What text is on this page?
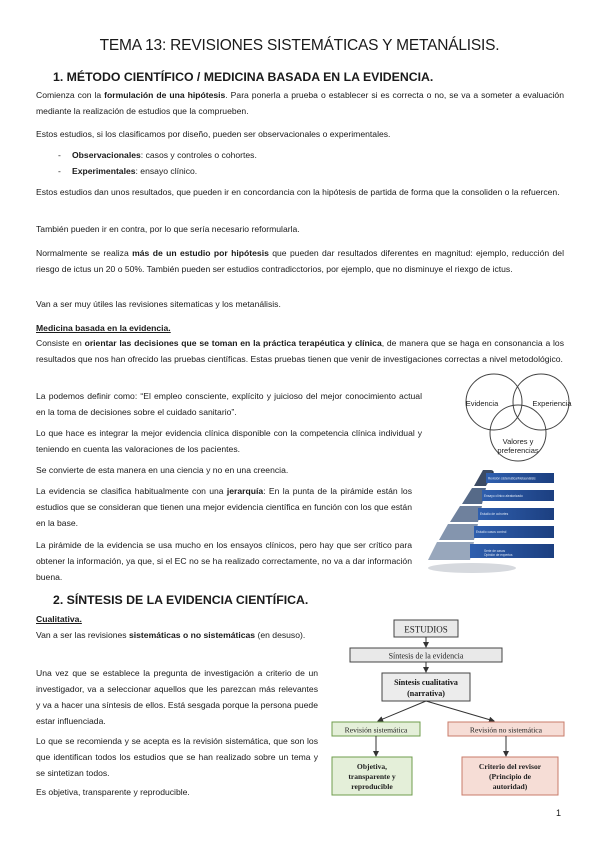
TEMA 13: REVISIONES SISTEMÁTICAS Y METANÁLISIS.
1. MÉTODO CIENTÍFICO / MEDICINA BASADA EN LA EVIDENCIA.
Comienza con la formulación de una hipótesis. Para ponerla a prueba o establecer si es correcta o no, se va a someter a evaluación mediante la realización de estudios que la comprueben.
Estos estudios, si los clasificamos por diseño, pueden ser observacionales o experimentales.
- Observacionales: casos y controles o cohortes.
- Experimentales: ensayo clínico.
Estos estudios dan unos resultados, que pueden ir en concordancia con la hipótesis de partida de forma que la consoliden o la refuercen.
También pueden ir en contra, por lo que sería necesario reformularla.
Normalmente se realiza más de un estudio por hipótesis que pueden dar resultados diferentes en magnitud: ejemplo, reducción del riesgo de ictus un 20 o 50%. También pueden ser estudios contradicctorios, por ejemplo, que no disminuye el riexgo de ictus.
Van a ser muy útiles las revisiones sitematicas y los metanálisis.
Medicina basada en la evidencia.
Consiste en orientar las decisiones que se toman en la práctica terapéutica y clínica, de manera que se haga en consonancia a los resultados que nos han ofrecido las pruebas científicas. Estas pruebas tienen que venir de investigaciones correctas a nivel metodológico.
La podemos definir como: “El empleo consciente, explícito y juicioso del mejor conocimiento actual en la toma de decisiones sobre el cuidado sanitario”.
Lo que hace es integrar la mejor evidencia clínica disponible con la competencia clínica individual y teniendo en cuenta las valoraciones de los pacientes.
Se convierte de esta manera en una ciencia y no en una creencia.
La evidencia se clasifica habitualmente con una jerarquía: En la punta de la pirámide están los estudios que se consideran que tienen una mejor evidencia científica en función con los que están en la base.
La pirámide de la evidencia se usa mucho en los ensayos clínicos, pero hay que ser crítico para obtener la información, ya que, si el EC no se ha realizado correctamente, no va a dar información buena.
Evidencia	Experiencia
Valores y
preferencias
Revisión sistemática/Metaanálisis
Ensayo clínico aleatorizado
Estudio de cohortes
Estudio casos control
Serie de casos
Opinión de expertos
2. SÍNTESIS DE LA EVIDENCIA CIENTÍFICA.
Cualitativa.
Van a ser las revisiones sistemáticas o no sistemáticas (en desuso).
Una vez que se establece la pregunta de investigación a criterio de un investigador, va a seleccionar aquellos que les parezcan más relevantes y va a hacer una síntesis de ellos. Está sesgada porque la persona puede estar influenciada.
Lo que se recomienda y se acepta es la revisión sistemática, que son los que identifican todos los estudios que se han realizado sobre un tema y se sintetizan todos.
Es objetiva, transparente y reproducible.
ESTUDIOS
Síntesis de la evidencia
Síntesis cualitativa
(narrativa)
Revisión sistemática	Revisión no sistemática
Objetiva,
transparente y
reproducible
Criterio del revisor
(Principio de
autoridad)
1
